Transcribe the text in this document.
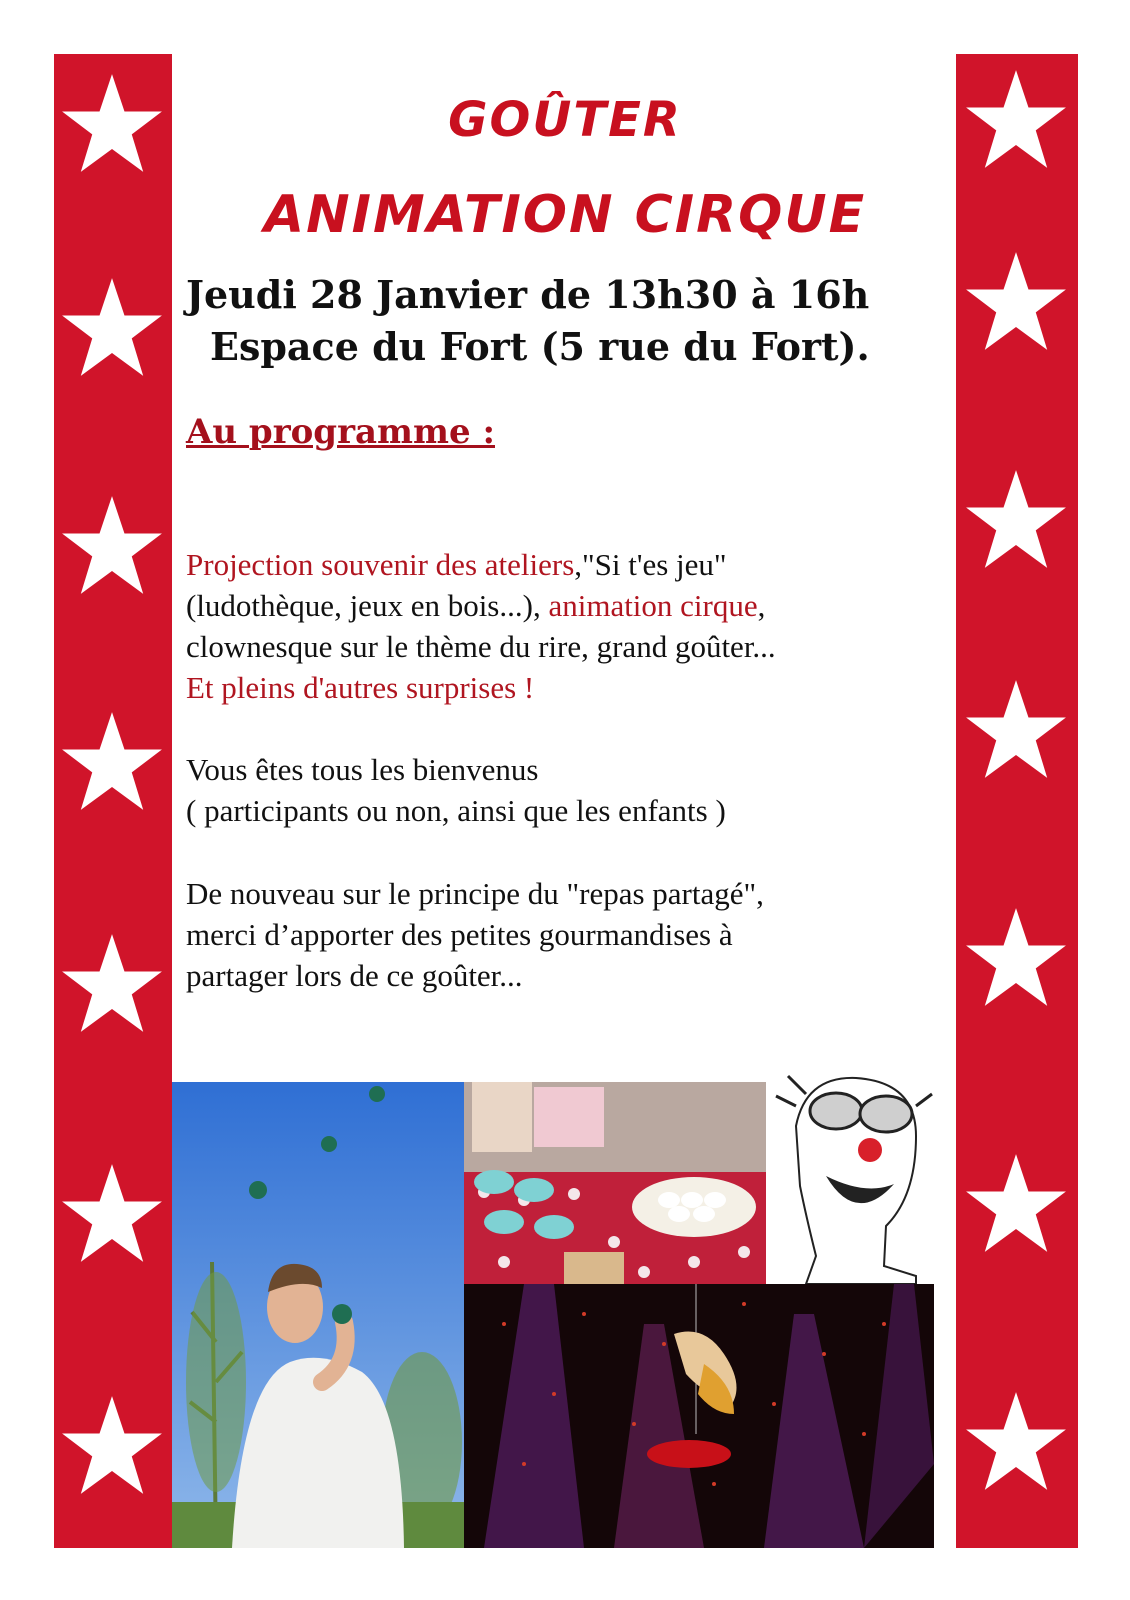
GOÛTER
ANIMATION CIRQUE

Jeudi 28 Janvier de 13h30 à 16h

Espace du Fort (5 rue du Fort).

Au programme :

Projection souvenir des ateliers,"Si t'es jeu"
(ludothèque, jeux en bois...), animation cirque,
clownesque sur le thème du rire, grand goûter...
Et pleins d'autres surprises !

Vous êtes tous les bienvenus
( participants ou non, ainsi que les enfants )

De nouveau sur le principe du "repas partagé",
merci d’apporter des petites gourmandises à
partager lors de ce goûter...
